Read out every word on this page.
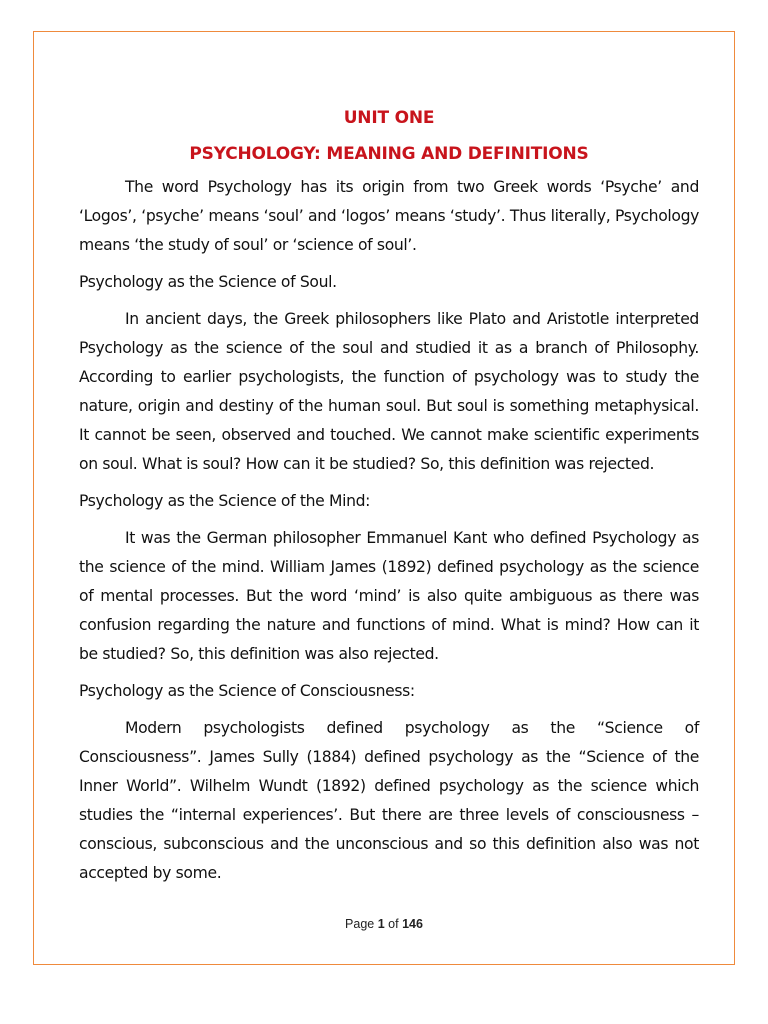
UNIT ONE
PSYCHOLOGY: MEANING AND DEFINITIONS

The word Psychology has its origin from two Greek words ‘Psyche’ and ‘Logos’, ‘psyche’ means ‘soul’ and ‘logos’ means ‘study’. Thus literally, Psychology means ‘the study of soul’ or ‘science of soul’.

Psychology as the Science of Soul.

In ancient days, the Greek philosophers like Plato and Aristotle interpreted Psychology as the science of the soul and studied it as a branch of Philosophy. According to earlier psychologists, the function of psychology was to study the nature, origin and destiny of the human soul. But soul is something metaphysical. It cannot be seen, observed and touched. We cannot make scientific experiments on soul. What is soul? How can it be studied? So, this definition was rejected.

Psychology as the Science of the Mind:

It was the German philosopher Emmanuel Kant who defined Psychology as the science of the mind. William James (1892) defined psychology as the science of mental processes. But the word ‘mind’ is also quite ambiguous as there was confusion regarding the nature and functions of mind. What is mind? How can it be studied? So, this definition was also rejected.

Psychology as the Science of Consciousness:

Modern psychologists defined psychology as the “Science of Consciousness”. James Sully (1884) defined psychology as the “Science of the Inner World”. Wilhelm Wundt (1892) defined psychology as the science which studies the “internal experiences’. But there are three levels of consciousness – conscious, subconscious and the unconscious and so this definition also was not accepted by some.

Page 1 of 146
